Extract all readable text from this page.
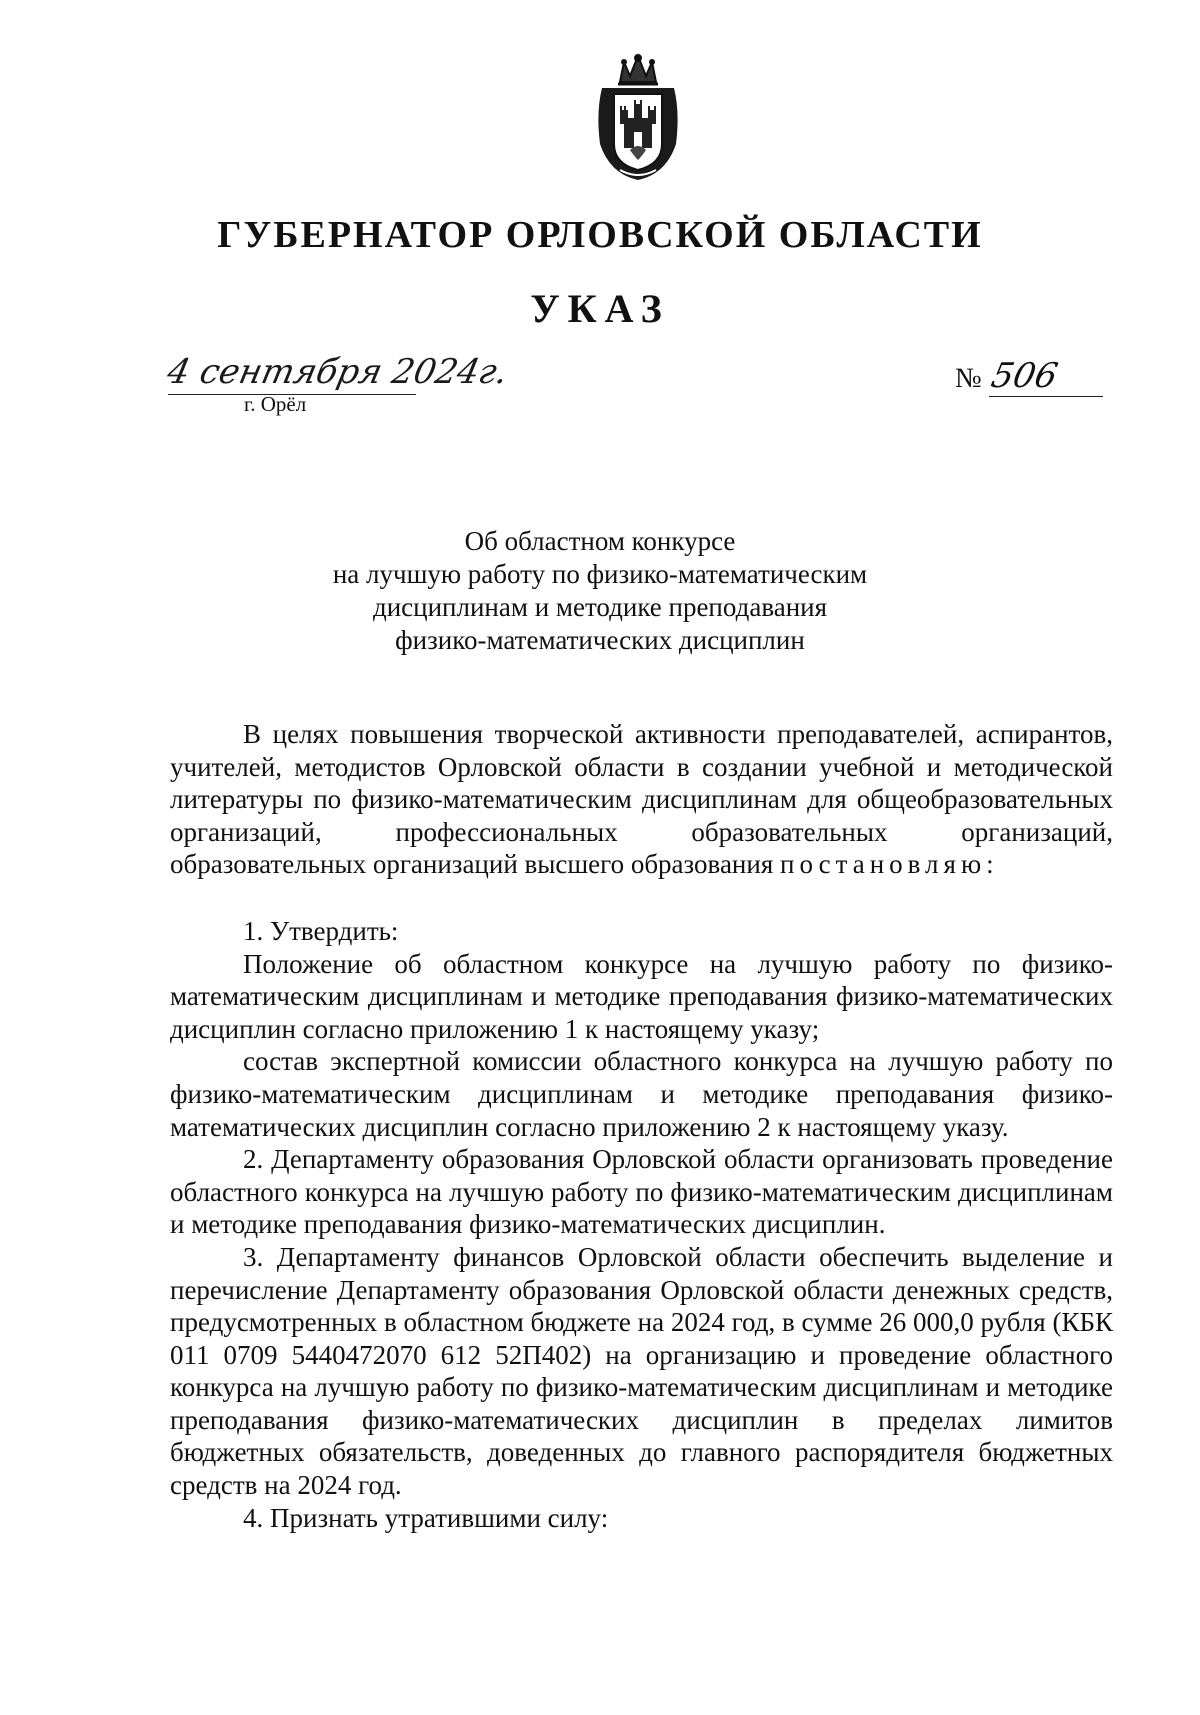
ГУБЕРНАТОР ОРЛОВСКОЙ ОБЛАСТИ
УКАЗ
4 сентября 2024г.
г. Орёл
№ 506
Об областном конкурсе
на лучшую работу по физико-математическим
дисциплинам и методике преподавания
физико-математических дисциплин

В целях повышения творческой активности преподавателей, аспирантов, учителей, методистов Орловской области в создании учебной и методической литературы по физико-математическим дисциплинам для общеобразовательных организаций, профессиональных образовательных организаций, образовательных организаций высшего образования постановляю:

1. Утвердить:

Положение об областном конкурсе на лучшую работу по физико-математическим дисциплинам и методике преподавания физико-математических дисциплин согласно приложению 1 к настоящему указу;

состав экспертной комиссии областного конкурса на лучшую работу по физико-математическим дисциплинам и методике преподавания физико-математических дисциплин согласно приложению 2 к настоящему указу.

2. Департаменту образования Орловской области организовать проведение областного конкурса на лучшую работу по физико-математическим дисциплинам и методике преподавания физико-математических дисциплин.

3. Департаменту финансов Орловской области обеспечить выделение и перечисление Департаменту образования Орловской области денежных средств, предусмотренных в областном бюджете на 2024 год, в сумме 26 000,0 рубля (КБК 011 0709 5440472070 612 52П402) на организацию и проведение областного конкурса на лучшую работу по физико-математическим дисциплинам и методике преподавания физико-математических дисциплин в пределах лимитов бюджетных обязательств, доведенных до главного распорядителя бюджетных средств на 2024 год.

4. Признать утратившими силу:
